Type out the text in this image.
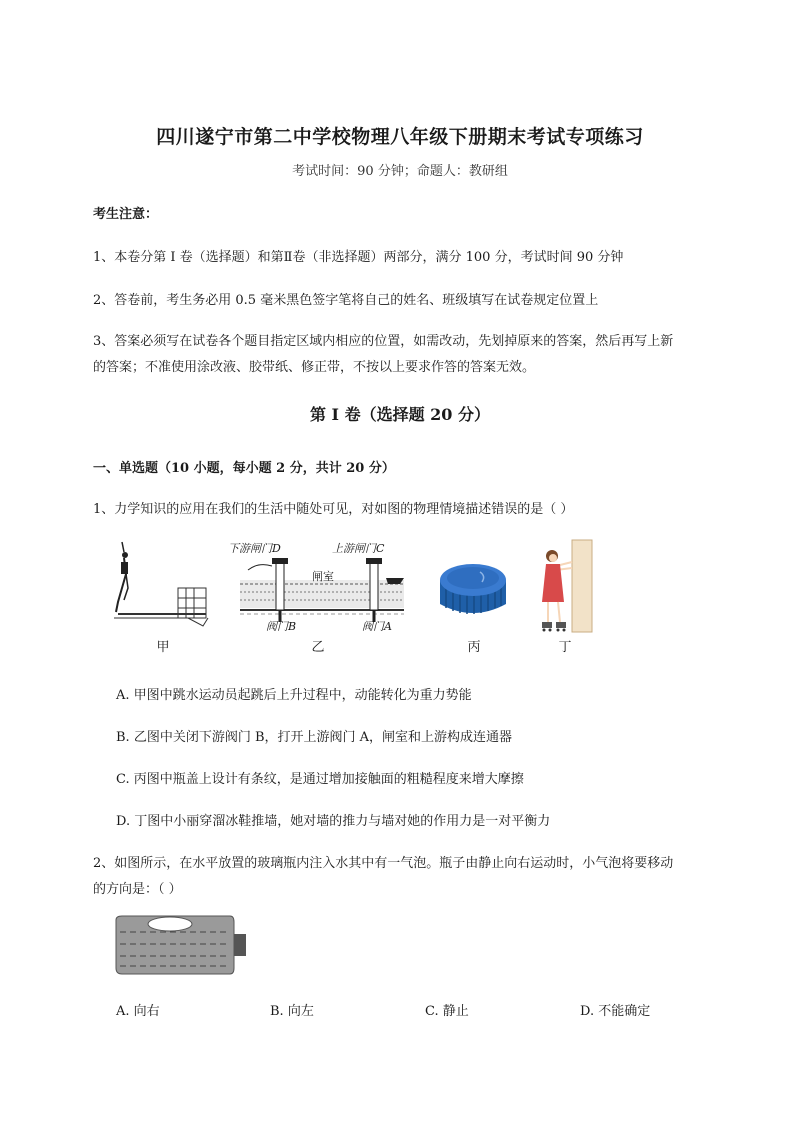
四川遂宁市第二中学校物理八年级下册期末考试专项练习
考试时间：90 分钟；命题人：教研组
考生注意：
1、本卷分第 I 卷（选择题）和第Ⅱ卷（非选择题）两部分，满分 100 分，考试时间 90 分钟
2、答卷前，考生务必用 0.5 毫米黑色签字笔将自己的姓名、班级填写在试卷规定位置上
3、答案必须写在试卷各个题目指定区域内相应的位置，如需改动，先划掉原来的答案，然后再写上新
的答案；不准使用涂改液、胶带纸、修正带，不按以上要求作答的答案无效。
第 I 卷（选择题 20 分）
一、单选题（10 小题，每小题 2 分，共计 20 分）
1、力学知识的应用在我们的生活中随处可见，对如图的物理情境描述错误的是（ ）
甲
下游闸门D	上游闸门C
闸室
阀门B	阀门A
乙	丙	丁
A. 甲图中跳水运动员起跳后上升过程中，动能转化为重力势能
B. 乙图中关闭下游阀门 B，打开上游阀门 A，闸室和上游构成连通器
C. 丙图中瓶盖上设计有条纹，是通过增加接触面的粗糙程度来增大摩擦
D. 丁图中小丽穿溜冰鞋推墙，她对墙的推力与墙对她的作用力是一对平衡力
2、如图所示，在水平放置的玻璃瓶内注入水其中有一气泡。瓶子由静止向右运动时，小气泡将要移动
的方向是：（ ）
A. 向右	B. 向左	C. 静止	D. 不能确定
